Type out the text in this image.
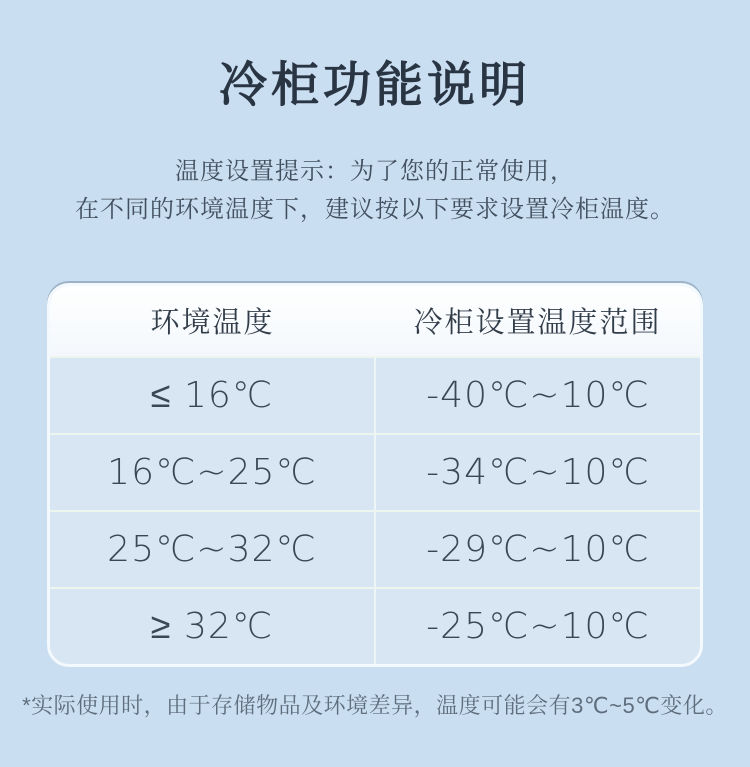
冷柜功能说明

温度设置提示：为了您的正常使用，

在不同的环境温度下，建议按以下要求设置冷柜温度。

环境温度	冷柜设置温度范围
≤ 16℃	-40℃~10℃
16℃~25℃	-34℃~10℃
25℃~32℃	-29℃~10℃
≥ 32℃	-25℃~10℃

*实际使用时，由于存储物品及环境差异，温度可能会有3℃~5℃变化。
